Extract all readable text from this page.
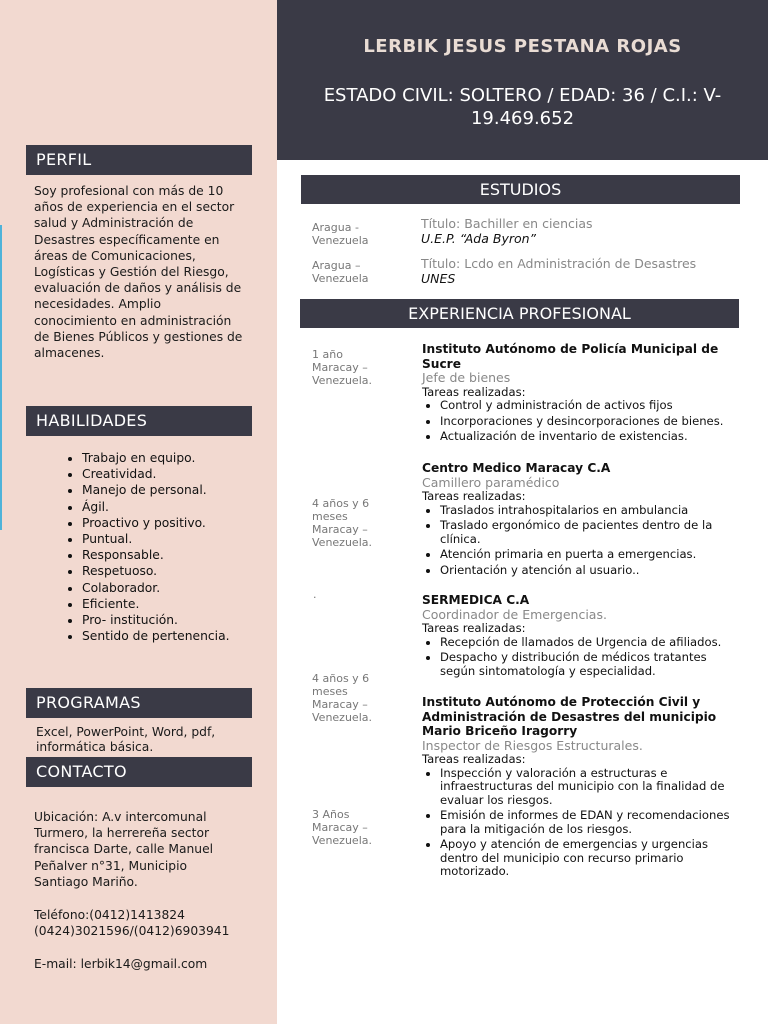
PERFIL
Soy profesional con más de 10 años de experiencia en el sector salud y Administración de Desastres específicamente en áreas de Comunicaciones, Logísticas y Gestión del Riesgo, evaluación de daños y análisis de necesidades. Amplio conocimiento en administración de Bienes Públicos y gestiones de almacenes.
HABILIDADES
• Trabajo en equipo.
• Creatividad.
• Manejo de personal.
• Ágil.
• Proactivo y positivo.
• Puntual.
• Responsable.
• Respetuoso.
• Colaborador.
• Eficiente.
• Pro- institución.
• Sentido de pertenencia.
PROGRAMAS
Excel, PowerPoint, Word, pdf, informática básica.
CONTACTO
Ubicación: A.v intercomunal Turmero, la herrereña sector francisca Darte, calle Manuel Peñalver n°31, Municipio Santiago Mariño.
Teléfono:(0412)1413824 (0424)3021596/(0412)6903941
E-mail: lerbik14@gmail.com
LERBIK JESUS PESTANA ROJAS
ESTADO CIVIL: SOLTERO / EDAD: 36 / C.I.: V-19.469.652
ESTUDIOS
Aragua - Venezuela
Título: Bachiller en ciencias
U.E.P. “Ada Byron”
Aragua – Venezuela
Título: Lcdo en Administración de Desastres
UNES
EXPERIENCIA PROFESIONAL
1 año Maracay – Venezuela.
Instituto Autónomo de Policía Municipal de Sucre
Jefe de bienes
Tareas realizadas:
• Control y administración de activos fijos
• Incorporaciones y desincorporaciones de bienes.
• Actualización de inventario de existencias.
4 años y 6 meses Maracay – Venezuela.
Centro Medico Maracay C.A
Camillero paramédico
Tareas realizadas:
• Traslados intrahospitalarios en ambulancia
• Traslado ergonómico de pacientes dentro de la clínica.
• Atención primaria en puerta a emergencias.
• Orientación y atención al usuario..
.	SERMEDICA C.A
Coordinador de Emergencias.
Tareas realizadas:
• Recepción de llamados de Urgencia de afiliados.
• Despacho y distribución de médicos tratantes según sintomatología y especialidad.
4 años y 6 meses Maracay – Venezuela.
Instituto Autónomo de Protección Civil y Administración de Desastres del municipio Mario Briceño Iragorry
Inspector de Riesgos Estructurales.
Tareas realizadas:
• Inspección y valoración a estructuras e infraestructuras del municipio con la finalidad de evaluar los riesgos.
• Emisión de informes de EDAN y recomendaciones para la mitigación de los riesgos.
• Apoyo y atención de emergencias y urgencias dentro del municipio con recurso primario motorizado.
3 Años Maracay – Venezuela.
